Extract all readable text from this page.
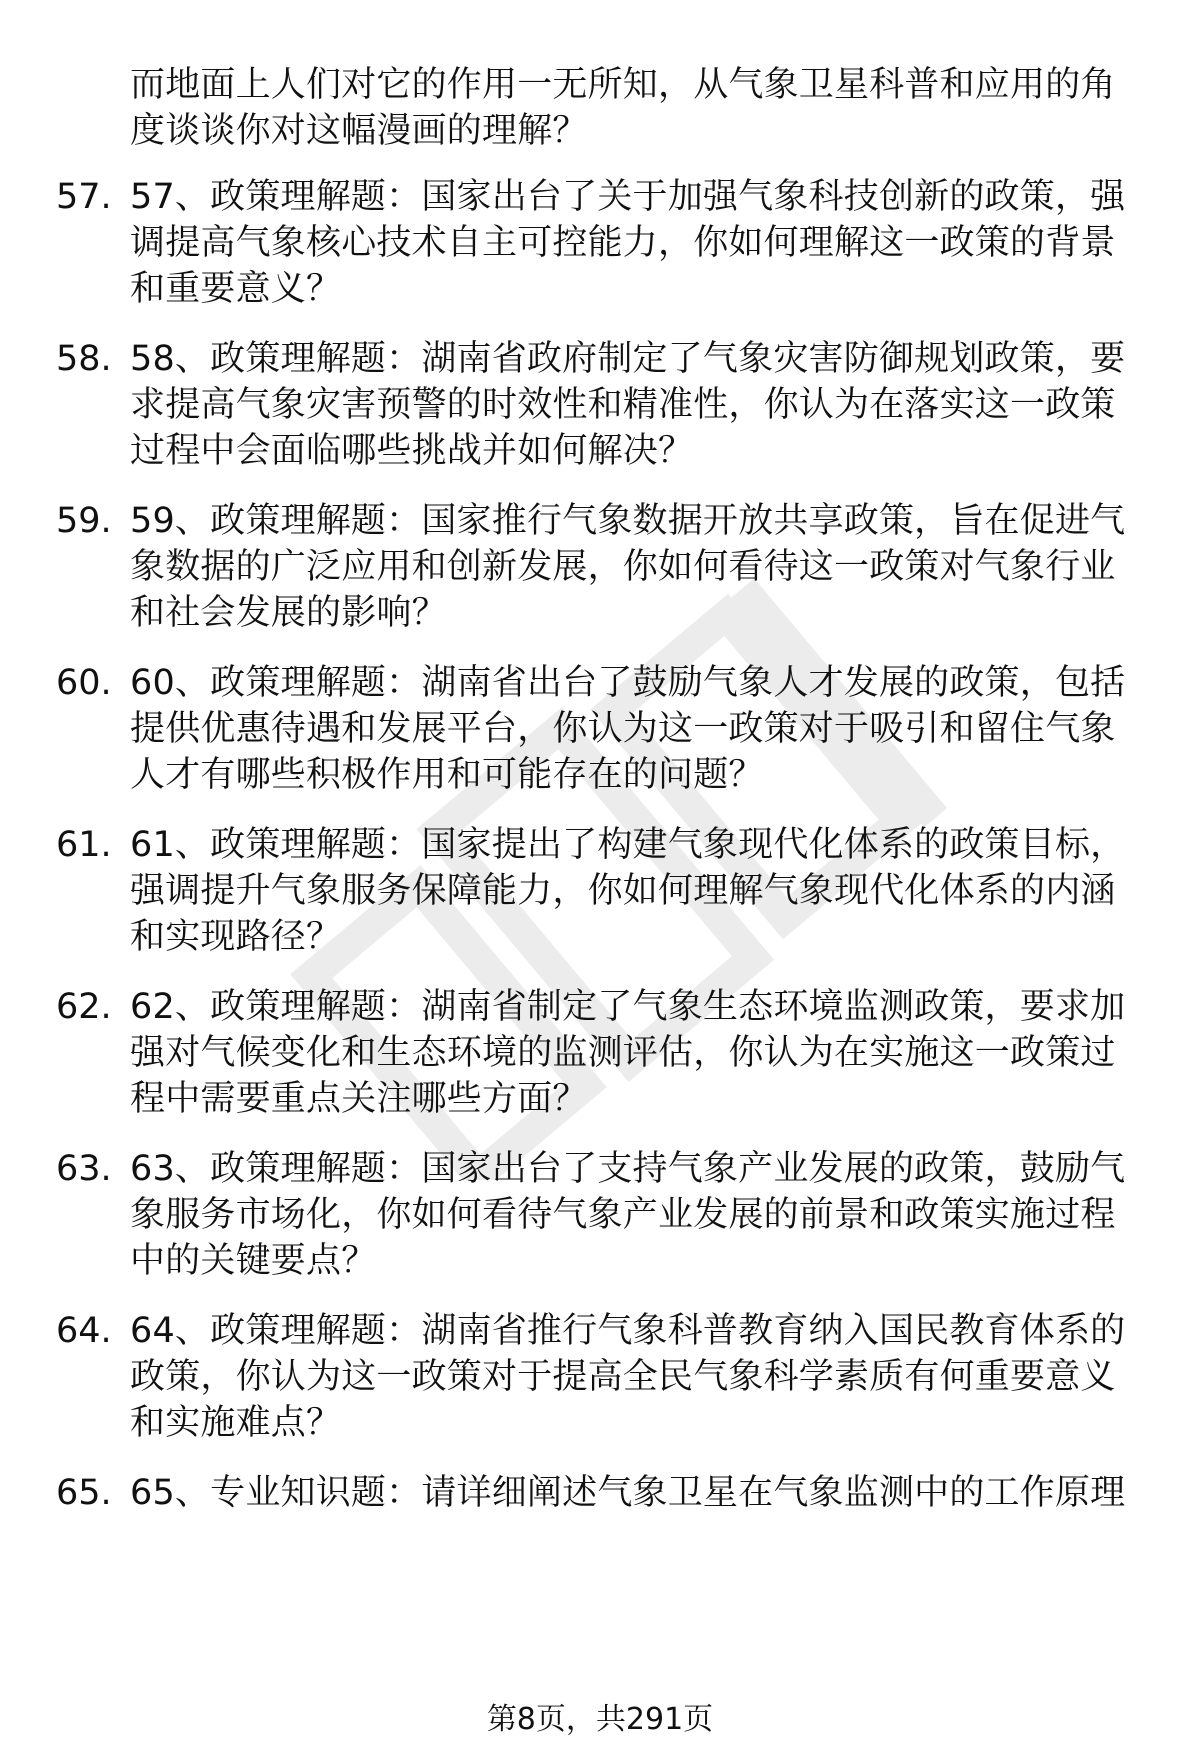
而地面上人们对它的作用一无所知，从气象卫星科普和应用的角
度谈谈你对这幅漫画的理解？
57. 57、政策理解题：国家出台了关于加强气象科技创新的政策，强
调提高气象核心技术自主可控能力，你如何理解这一政策的背景
和重要意义？
58. 58、政策理解题：湖南省政府制定了气象灾害防御规划政策，要
求提高气象灾害预警的时效性和精准性，你认为在落实这一政策
过程中会面临哪些挑战并如何解决？
59. 59、政策理解题：国家推行气象数据开放共享政策，旨在促进气
象数据的广泛应用和创新发展，你如何看待这一政策对气象行业
和社会发展的影响？
60. 60、政策理解题：湖南省出台了鼓励气象人才发展的政策，包括
提供优惠待遇和发展平台，你认为这一政策对于吸引和留住气象
人才有哪些积极作用和可能存在的问题？
61. 61、政策理解题：国家提出了构建气象现代化体系的政策目标，
强调提升气象服务保障能力，你如何理解气象现代化体系的内涵
和实现路径？
62. 62、政策理解题：湖南省制定了气象生态环境监测政策，要求加
强对气候变化和生态环境的监测评估，你认为在实施这一政策过
程中需要重点关注哪些方面？
63. 63、政策理解题：国家出台了支持气象产业发展的政策，鼓励气
象服务市场化，你如何看待气象产业发展的前景和政策实施过程
中的关键要点？
64. 64、政策理解题：湖南省推行气象科普教育纳入国民教育体系的
政策，你认为这一政策对于提高全民气象科学素质有何重要意义
和实施难点？
65. 65、专业知识题：请详细阐述气象卫星在气象监测中的工作原理
第8页，共291页
